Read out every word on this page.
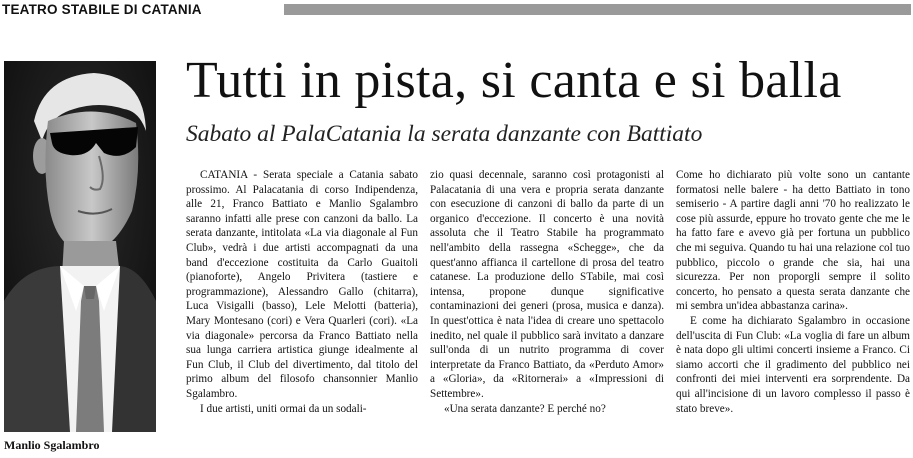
TEATRO STABILE DI CATANIA
Manlio Sgalambro
Tutti in pista, si canta e si balla
Sabato al PalaCatania la serata danzante con Battiato

CATANIA - Serata speciale a Catania sabato prossimo. Al Palacatania di corso Indipendenza, alle 21, Franco Battiato e Manlio Sgalambro saranno infatti alle prese con canzoni da ballo. La serata danzante, intitolata «La via diagonale al Fun Club», vedrà i due artisti accompagnati da una band d'eccezione costituita da Carlo Guaitoli (pianoforte), Angelo Privitera (tastiere e programmazione), Alessandro Gallo (chitarra), Luca Visigalli (basso), Lele Melotti (batteria), Mary Montesano (cori) e Vera Quarleri (cori). «La via diagonale» percorsa da Franco Battiato nella sua lunga carriera artistica giunge idealmente al Fun Club, il Club del divertimento, dal titolo del primo album del filosofo chansonnier Manlio Sgalambro.

I due artisti, uniti ormai da un sodali-

zio quasi decennale, saranno così protagonisti al Palacatania di una vera e propria serata danzante con esecuzione di canzoni di ballo da parte di un organico d'eccezione. Il concerto è una novità assoluta che il Teatro Stabile ha programmato nell'ambito della rassegna «Schegge», che da quest'anno affianca il cartellone di prosa del teatro catanese. La produzione dello STabile, mai così intensa, propone dunque significative contaminazioni dei generi (prosa, musica e danza). In quest'ottica è nata l'idea di creare uno spettacolo inedito, nel quale il pubblico sarà invitato a danzare sull'onda di un nutrito programma di cover interpretate da Franco Battiato, da «Perduto Amor» a «Gloria», da «Ritornerai» a «Impressioni di Settembre».

«Una serata danzante? E perché no?

Come ho dichiarato più volte sono un cantante formatosi nelle balere - ha detto Battiato in tono semiserio - A partire dagli anni '70 ho realizzato le cose più assurde, eppure ho trovato gente che me le ha fatto fare e avevo già per fortuna un pubblico che mi seguiva. Quando tu hai una relazione col tuo pubblico, piccolo o grande che sia, hai una sicurezza. Per non proporgli sempre il solito concerto, ho pensato a questa serata danzante che mi sembra un'idea abbastanza carina».

E come ha dichiarato Sgalambro in occasione dell'uscita di Fun Club: «La voglia di fare un album è nata dopo gli ultimi concerti insieme a Franco. Ci siamo accorti che il gradimento del pubblico nei confronti dei miei interventi era sorprendente. Da qui all'incisione di un lavoro complesso il passo è stato breve».
